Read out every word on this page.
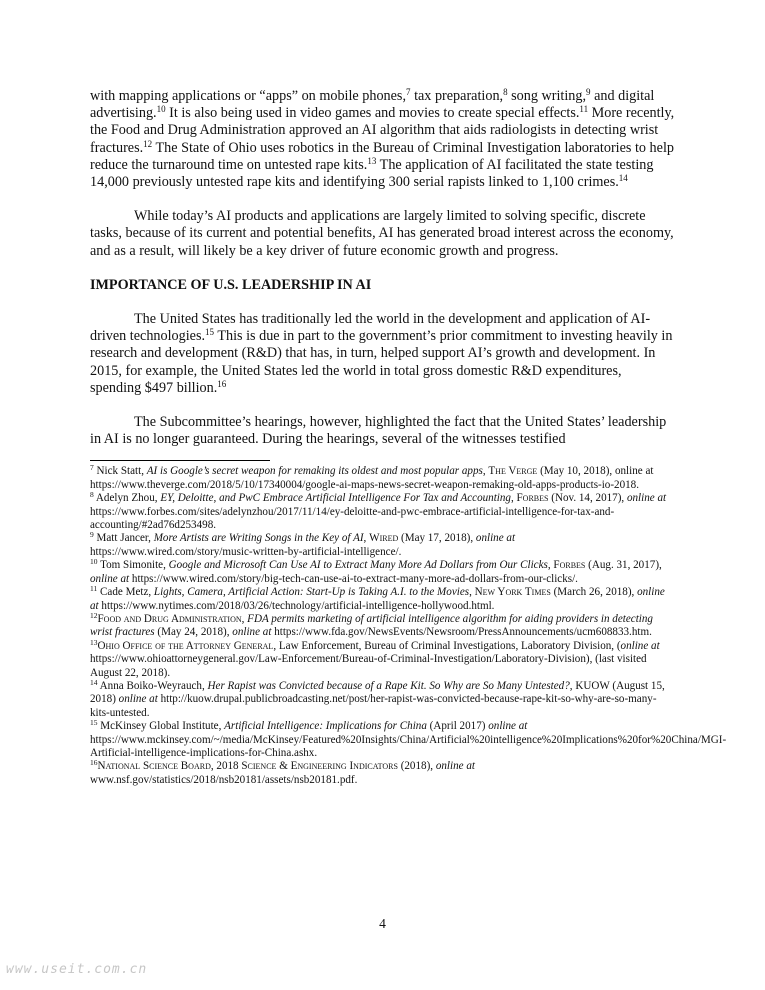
with mapping applications or “apps” on mobile phones,$^7$ tax preparation,$^8$ song writing,$^9$ and digital advertising.$^{10}$ It is also being used in video games and movies to create special effects.$^{11}$ More recently, the Food and Drug Administration approved an AI algorithm that aids radiologists in detecting wrist fractures.$^{12}$ The State of Ohio uses robotics in the Bureau of Criminal Investigation laboratories to help reduce the turnaround time on untested rape kits.$^{13}$ The application of AI facilitated the state testing 14,000 previously untested rape kits and identifying 300 serial rapists linked to 1,100 crimes.$^{14}$

While today’s AI products and applications are largely limited to solving specific, discrete tasks, because of its current and potential benefits, AI has generated broad interest across the economy, and as a result, will likely be a key driver of future economic growth and progress.

IMPORTANCE OF U.S. LEADERSHIP IN AI

The United States has traditionally led the world in the development and application of AI-driven technologies.$^{15}$ This is due in part to the government’s prior commitment to investing heavily in research and development (R&D) that has, in turn, helped support AI’s growth and development. In 2015, for example, the United States led the world in total gross domestic R&D expenditures, spending $497 billion.$^{16}$

The Subcommittee’s hearings, however, highlighted the fact that the United States’ leadership in AI is no longer guaranteed. During the hearings, several of the witnesses testified

$^7$ Nick Statt, AI is Google’s secret weapon for remaking its oldest and most popular apps, The Verge (May 10, 2018), online at https://www.theverge.com/2018/5/10/17340004/google-ai-maps-news-secret-weapon-remaking-old-apps-products-io-2018.

$^8$ Adelyn Zhou, EY, Deloitte, and PwC Embrace Artificial Intelligence For Tax and Accounting, Forbes (Nov. 14, 2017), online at https://www.forbes.com/sites/adelynzhou/2017/11/14/ey-deloitte-and-pwc-embrace-artificial-intelligence-for-tax-and-accounting/#2ad76d253498.

$^9$ Matt Jancer, More Artists are Writing Songs in the Key of AI, Wired (May 17, 2018), online at https://www.wired.com/story/music-written-by-artificial-intelligence/.

$^{10}$ Tom Simonite, Google and Microsoft Can Use AI to Extract Many More Ad Dollars from Our Clicks, Forbes (Aug. 31, 2017), online at https://www.wired.com/story/big-tech-can-use-ai-to-extract-many-more-ad-dollars-from-our-clicks/.

$^{11}$ Cade Metz, Lights, Camera, Artificial Action: Start-Up is Taking A.I. to the Movies, New York Times (March 26, 2018), online at https://www.nytimes.com/2018/03/26/technology/artificial-intelligence-hollywood.html.

$^{12}$Food and Drug Administration, FDA permits marketing of artificial intelligence algorithm for aiding providers in detecting wrist fractures (May 24, 2018), online at https://www.fda.gov/NewsEvents/Newsroom/PressAnnouncements/ucm608833.htm.

$^{13}$Ohio Office of the Attorney General, Law Enforcement, Bureau of Criminal Investigations, Laboratory Division, (online at https://www.ohioattorneygeneral.gov/Law-Enforcement/Bureau-of-Criminal-Investigation/Laboratory-Division), (last visited August 22, 2018).

$^{14}$ Anna Boiko-Weyrauch, Her Rapist was Convicted because of a Rape Kit. So Why are So Many Untested?, KUOW (August 15, 2018) online at http://kuow.drupal.publicbroadcasting.net/post/her-rapist-was-convicted-because-rape-kit-so-why-are-so-many-kits-untested.

$^{15}$ McKinsey Global Institute, Artificial Intelligence: Implications for China (April 2017) online at https://www.mckinsey.com/~/media/McKinsey/Featured%20Insights/China/Artificial%20intelligence%20Implications%20for%20China/MGI-Artificial-intelligence-implications-for-China.ashx.

$^{16}$National Science Board, 2018 Science & Engineering Indicators (2018), online at www.nsf.gov/statistics/2018/nsb20181/assets/nsb20181.pdf.

4
www.useit.com.cn
